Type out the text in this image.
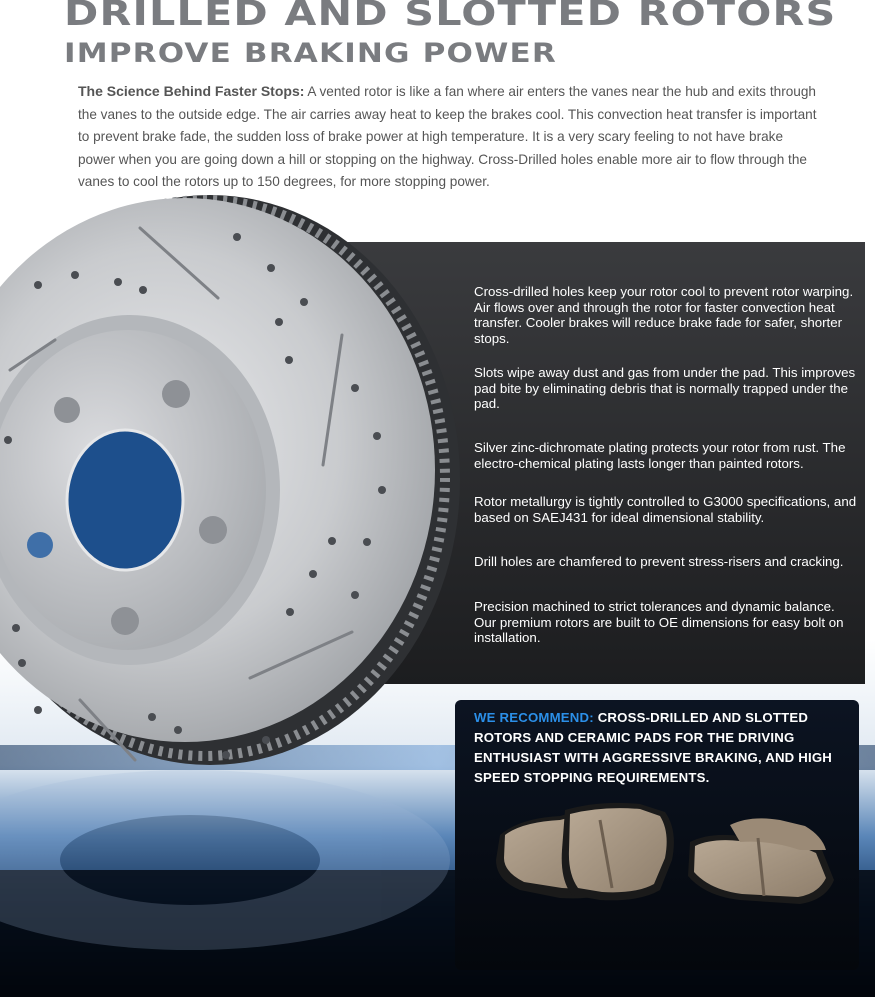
DRILLED AND SLOTTED ROTORS
IMPROVE BRAKING POWER

The Science Behind Faster Stops: A vented rotor is like a fan where air enters the vanes near the hub and exits through the vanes to the outside edge. The air carries away heat to keep the brakes cool. This convection heat transfer is important to prevent brake fade, the sudden loss of brake power at high temperature. It is a very scary feeling to not have brake power when you are going down a hill or stopping on the highway. Cross-Drilled holes enable more air to flow through the vanes to cool the rotors up to 150 degrees, for more stopping power.

Cross-drilled holes keep your rotor cool to prevent rotor warping. Air flows over and through the rotor for faster convection heat transfer. Cooler brakes will reduce brake fade for safer, shorter stops.
Slots wipe away dust and gas from under the pad. This improves pad bite by eliminating debris that is normally trapped under the pad.
Silver zinc-dichromate plating protects your rotor from rust. The electro-chemical plating lasts longer than painted rotors.
Rotor metallurgy is tightly controlled to G3000 specifications, and based on SAEJ431 for ideal dimensional stability.
Drill holes are chamfered to prevent stress-risers and cracking.
Precision machined to strict tolerances and dynamic balance. Our premium rotors are built to OE dimensions for easy bolt on installation.

WE RECOMMEND: CROSS-DRILLED AND SLOTTED ROTORS AND CERAMIC PADS FOR THE DRIVING ENTHUSIAST WITH AGGRESSIVE BRAKING, AND HIGH SPEED STOPPING REQUIREMENTS.
